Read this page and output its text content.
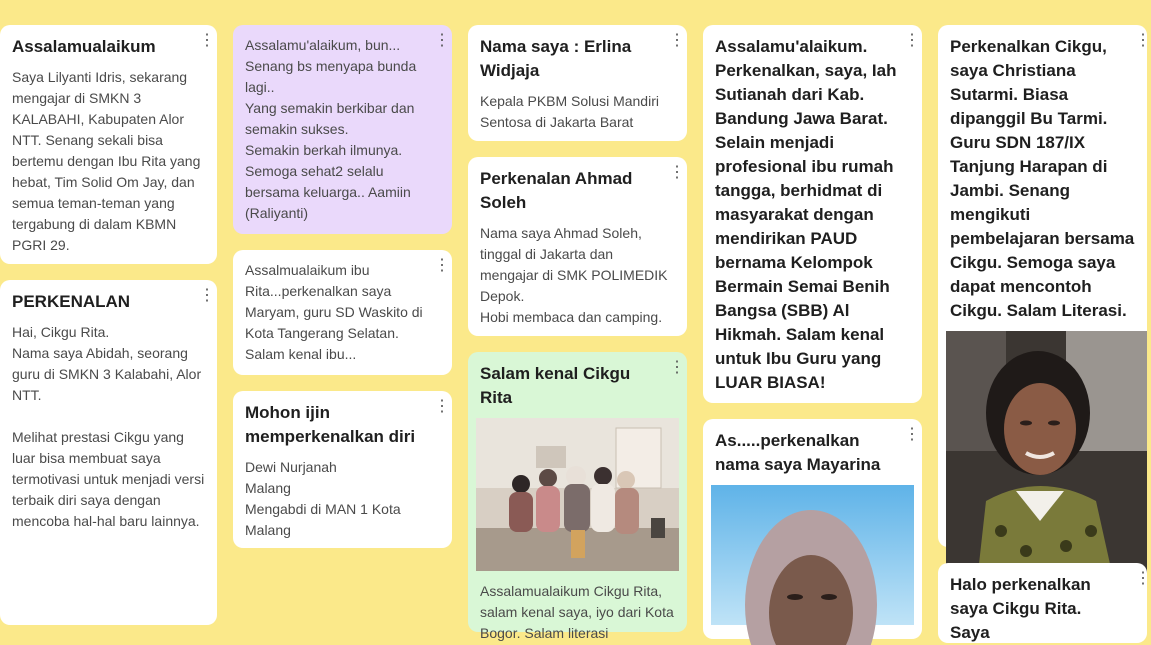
Assalamualaikum
Saya Lilyanti Idris, sekarang mengajar di SMKN 3 KALABAHI, Kabupaten Alor NTT. Senang sekali bisa bertemu dengan Ibu Rita yang hebat, Tim Solid Om Jay, dan semua teman-teman yang tergabung di dalam KBMN PGRI 29.
⋮
PERKENALAN
Hai, Cikgu Rita.
Nama saya Abidah, seorang guru di SMKN 3 Kalabahi, Alor NTT.

Melihat prestasi Cikgu yang luar bisa membuat saya termotivasi untuk menjadi versi terbaik diri saya dengan mencoba hal-hal baru lainnya.
⋮
Assalamu'alaikum, bun...
Senang bs menyapa bunda lagi..
Yang semakin berkibar dan semakin sukses.
Semakin berkah ilmunya.
Semoga sehat2 selalu bersama keluarga.. Aamiin
(Raliyanti)
⋮
Assalmualaikum ibu Rita...perkenalkan saya Maryam, guru SD Waskito di Kota Tangerang Selatan. Salam kenal ibu...
⋮
Mohon ijin memperkenalkan diri
Dewi Nurjanah
Malang
Mengabdi di MAN 1 Kota Malang
⋮
Nama saya : Erlina Widjaja
Kepala PKBM Solusi Mandiri Sentosa di Jakarta Barat
⋮
Perkenalan Ahmad Soleh
Nama saya Ahmad Soleh, tinggal di Jakarta dan mengajar di SMK POLIMEDIK Depok.
Hobi membaca dan camping.
⋮
Salam kenal Cikgu Rita
Assalamualaikum Cikgu Rita, salam kenal saya, iyo dari Kota Bogor. Salam literasi
⋮
Assalamu'alaikum. Perkenalkan, saya, Iah Sutianah dari Kab. Bandung Jawa Barat. Selain menjadi profesional ibu rumah tangga, berhidmat di masyarakat dengan mendirikan PAUD bernama Kelompok Bermain Semai Benih Bangsa (SBB) Al Hikmah. Salam kenal untuk Ibu Guru yang LUAR BIASA!
⋮
As.....perkenalkan nama saya Mayarina
⋮
Perkenalkan Cikgu, saya Christiana Sutarmi. Biasa dipanggil Bu Tarmi. Guru SDN 187/IX Tanjung Harapan di Jambi. Senang mengikuti pembelajaran bersama Cikgu. Semoga saya dapat mencontoh Cikgu. Salam Literasi.
⋮
Halo perkenalkan saya Cikgu Rita. Saya
⋮
